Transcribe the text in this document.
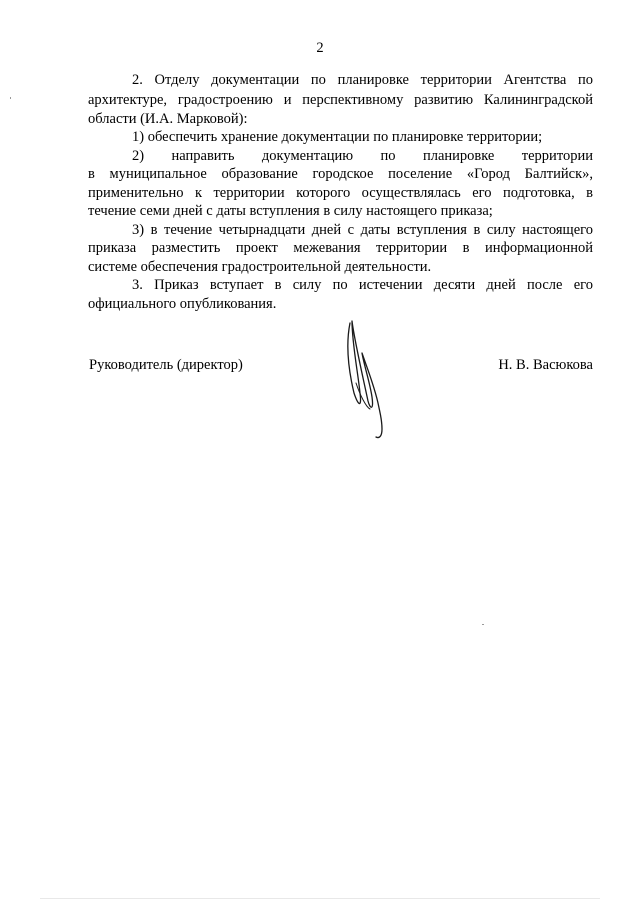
2
2. Отделу документации по планировке территории Агентства по
архитектуре, градостроению и перспективному развитию Калининградской
области (И.А. Марковой):
1) обеспечить хранение документации по планировке территории;
2) направить документацию по планировке территории
в муниципальное образование городское поселение «Город Балтийск»,
применительно к территории которого осуществлялась его подготовка, в
течение семи дней с даты вступления в силу настоящего приказа;
3) в течение четырнадцати дней с даты вступления в силу настоящего
приказа разместить проект межевания территории в информационной
системе обеспечения градостроительной деятельности.
3. Приказ вступает в силу по истечении десяти дней после его
официального опубликования.
Руководитель (директор)	Н. В. Васюкова
